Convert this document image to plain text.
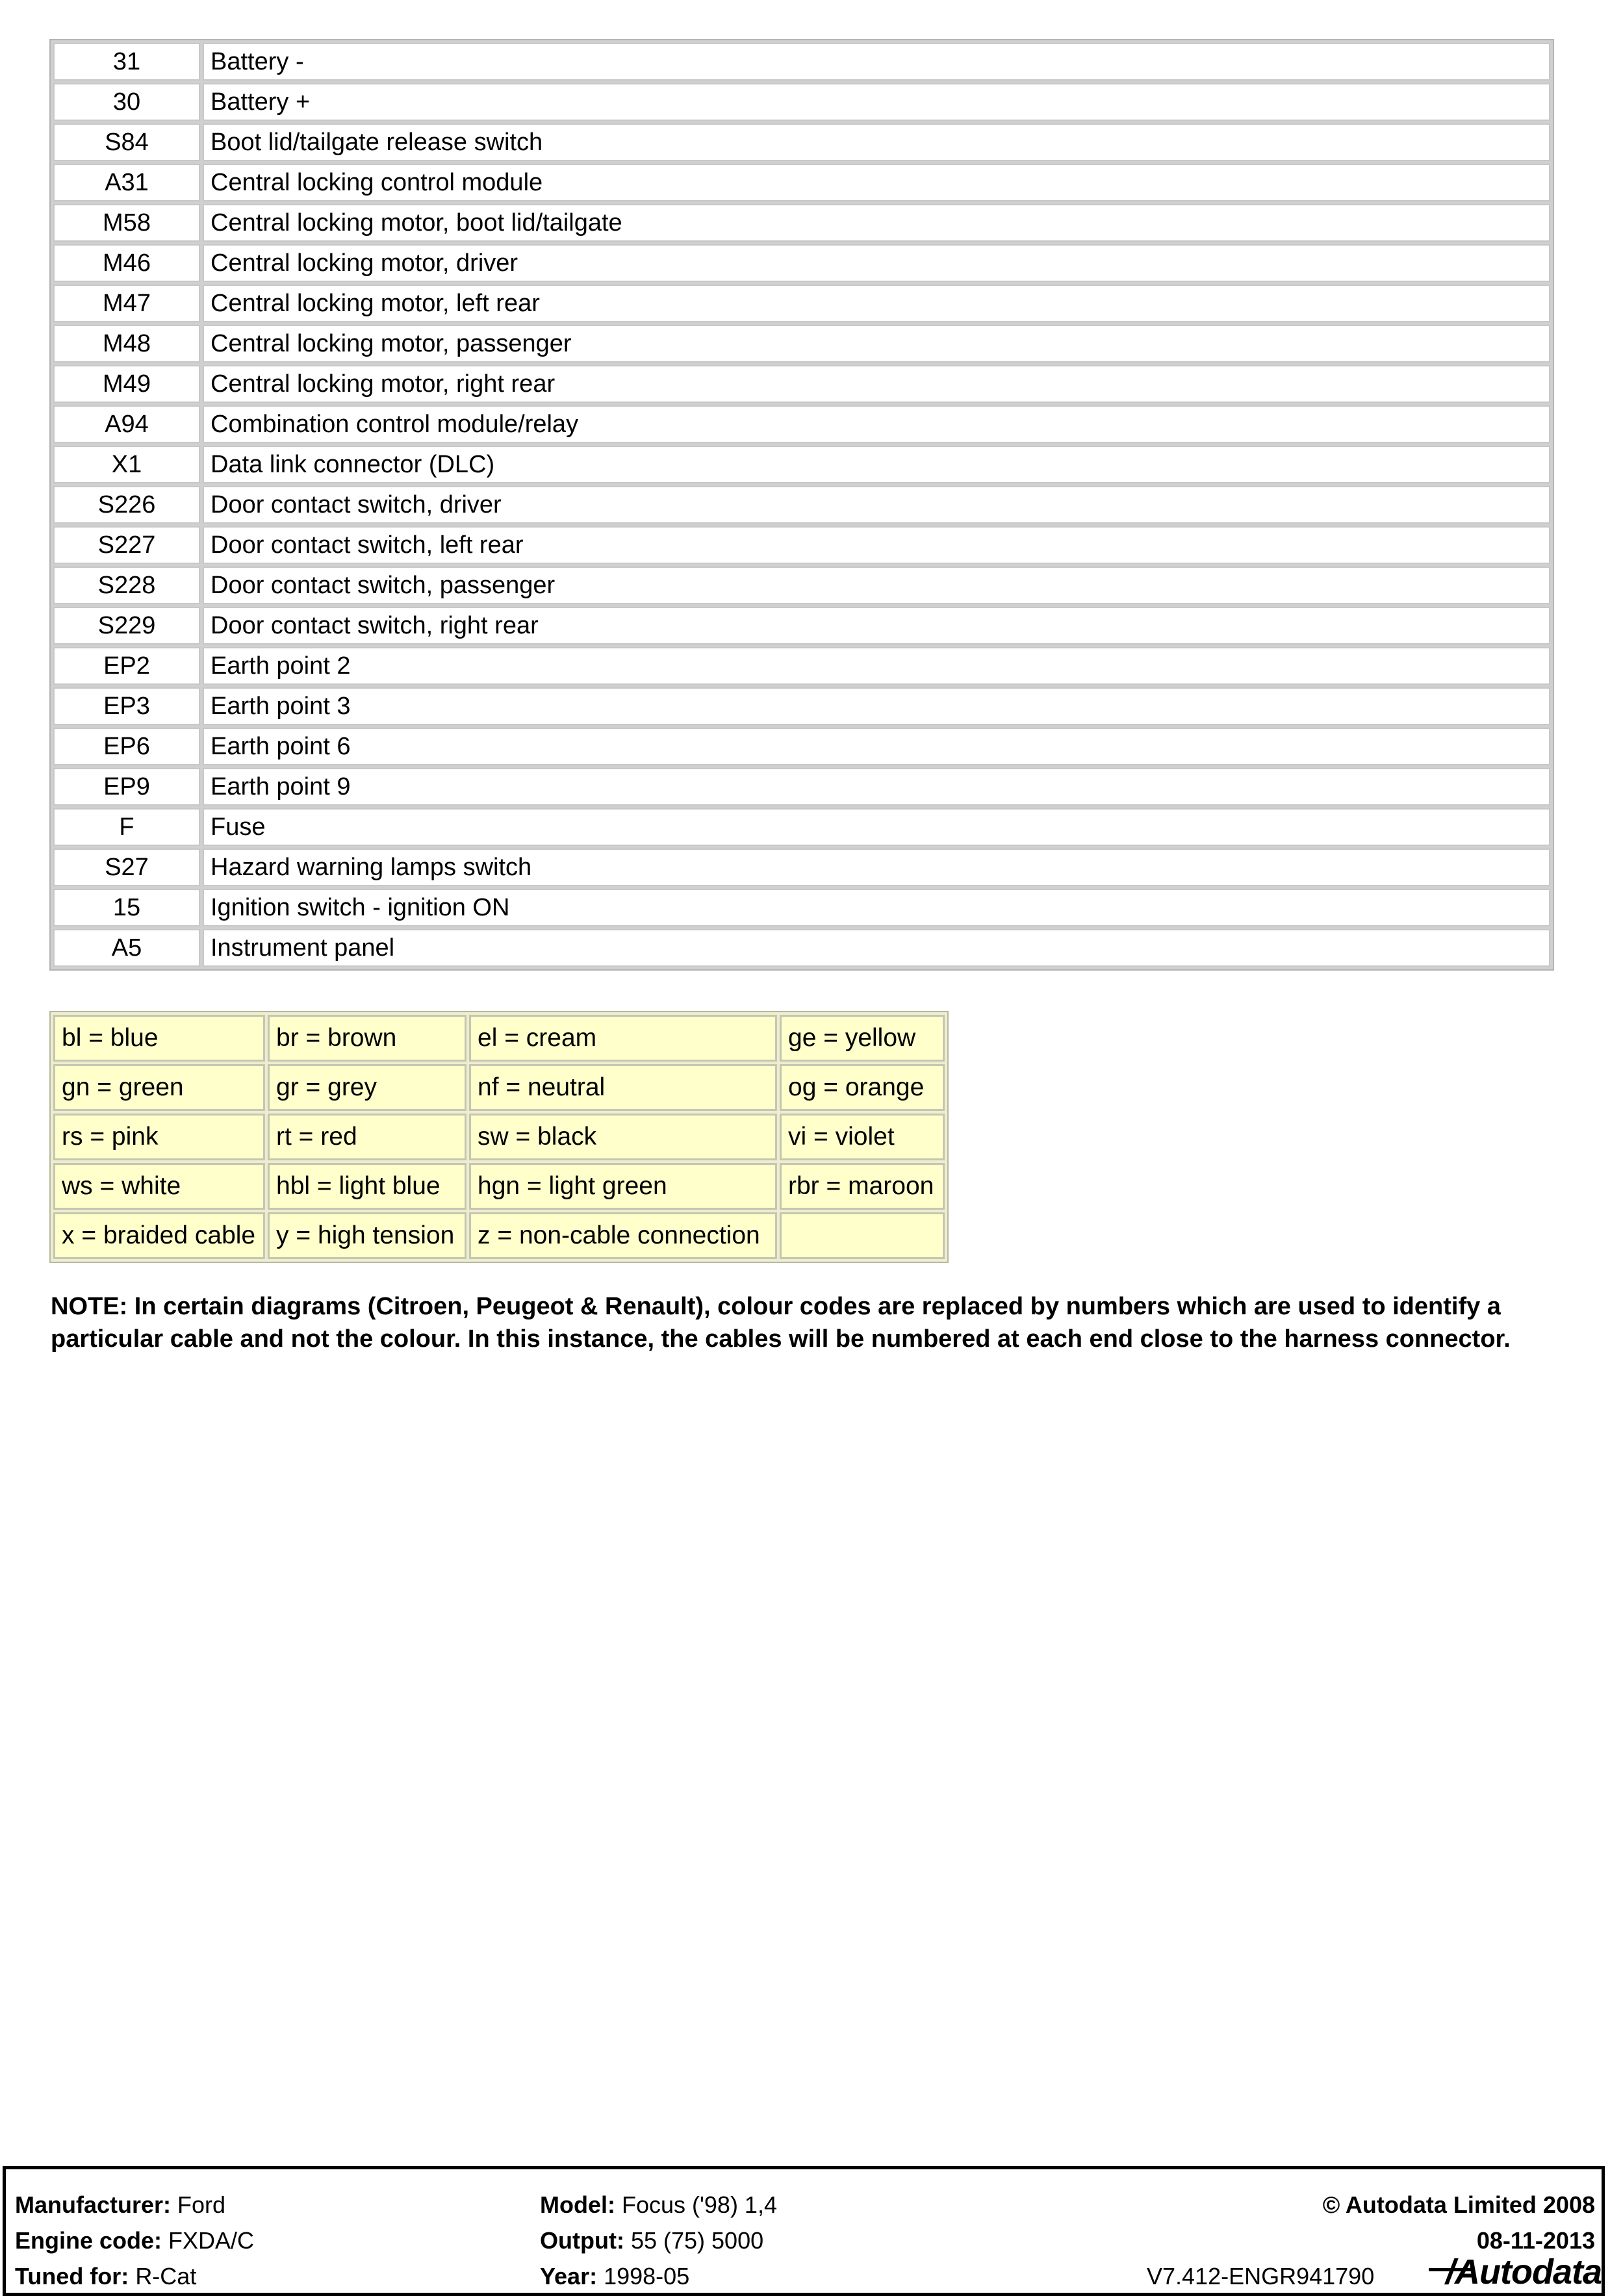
31	Battery -
30	Battery +
S84	Boot lid/tailgate release switch
A31	Central locking control module
M58	Central locking motor, boot lid/tailgate
M46	Central locking motor, driver
M47	Central locking motor, left rear
M48	Central locking motor, passenger
M49	Central locking motor, right rear
A94	Combination control module/relay
X1	Data link connector (DLC)
S226	Door contact switch, driver
S227	Door contact switch, left rear
S228	Door contact switch, passenger
S229	Door contact switch, right rear
EP2	Earth point 2
EP3	Earth point 3
EP6	Earth point 6
EP9	Earth point 9
F	Fuse
S27	Hazard warning lamps switch
15	Ignition switch - ignition ON
A5	Instrument panel
bl = blue	br = brown	el = cream	ge = yellow
gn = green	gr = grey	nf = neutral	og = orange
rs = pink	rt = red	sw = black	vi = violet
ws = white	hbl = light blue	hgn = light green	rbr = maroon
x = braided cable	y = high tension	z = non-cable connection	

NOTE: In certain diagrams (Citroen, Peugeot & Renault), colour codes are replaced by numbers which are used to identify a particular cable and not the colour. In this instance, the cables will be numbered at each end close to the harness connector.

Manufacturer: Ford
Engine code: FXDA/C
Tuned for: R-Cat
Model: Focus ('98) 1,4
Output: 55 (75) 5000
Year: 1998-05
© Autodata Limited 2008
08-11-2013
V7.412-ENGR941790 /Autodata
